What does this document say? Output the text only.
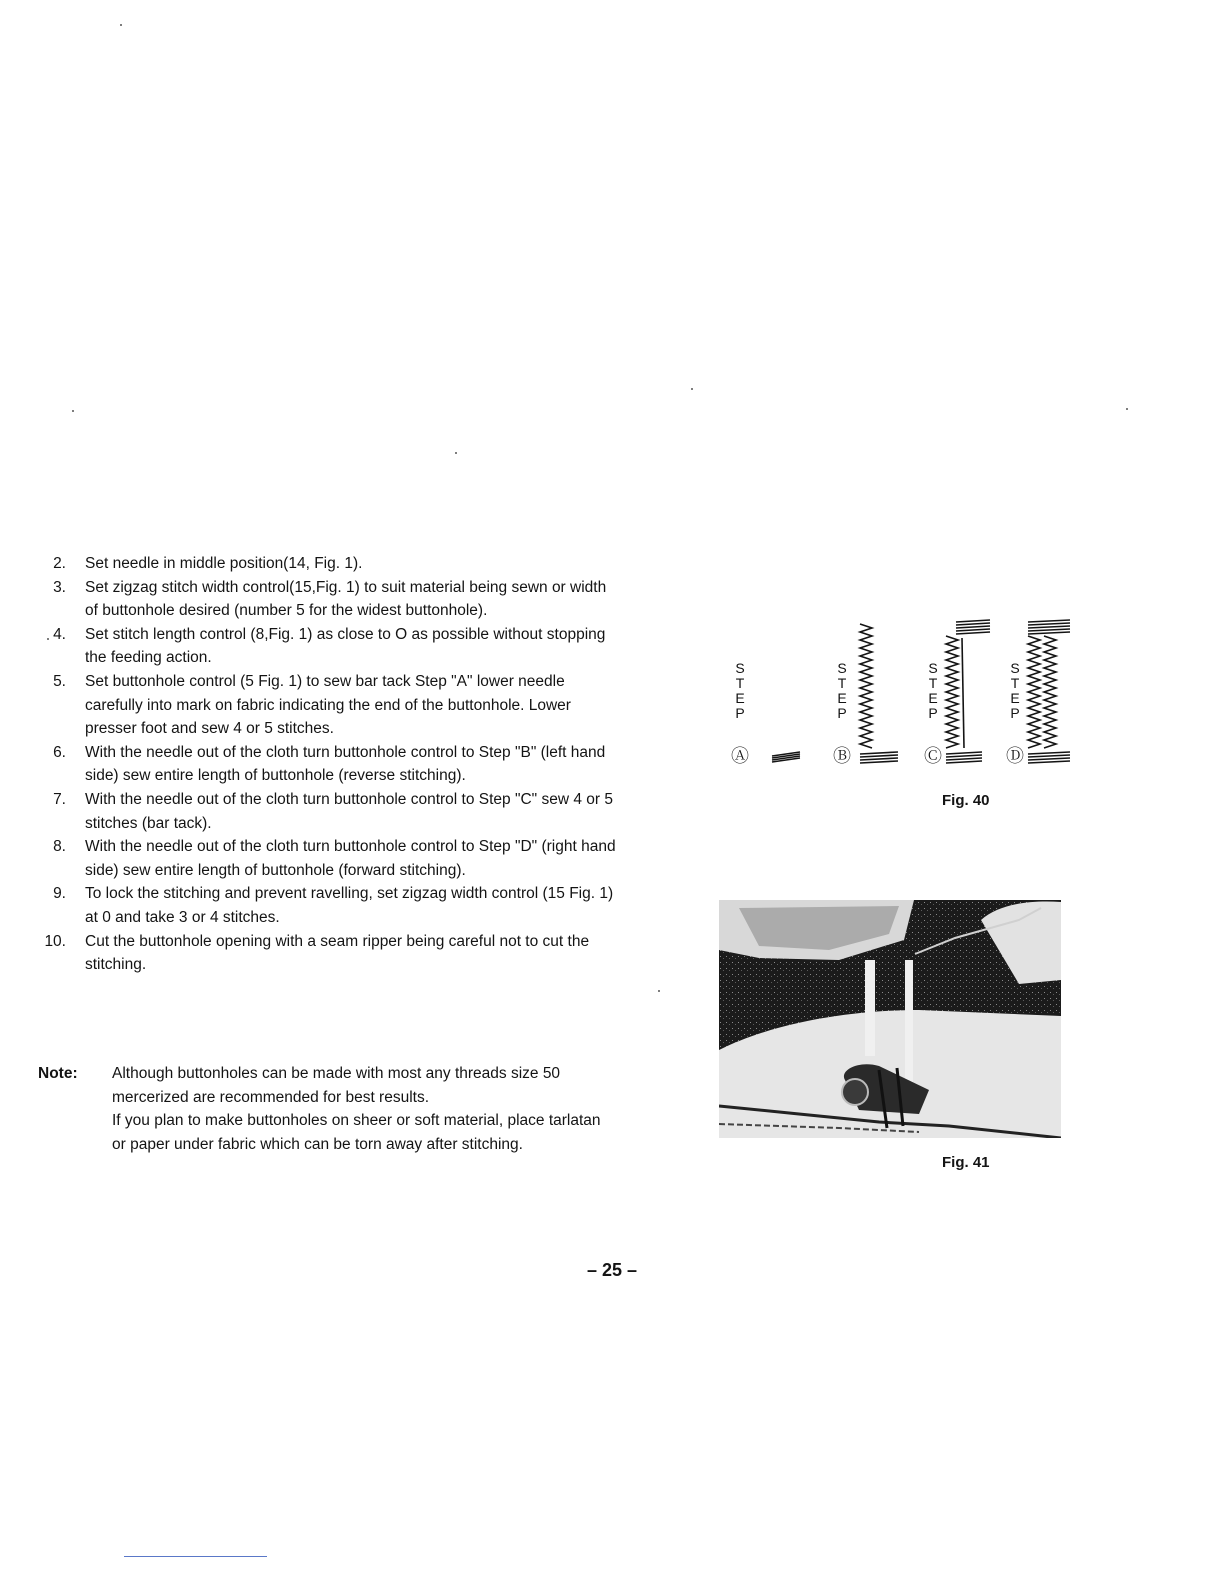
2. Set needle in middle position(14, Fig. 1).
3. Set zigzag stitch width control(15,Fig. 1) to suit material being sewn or width of buttonhole desired (number 5 for the widest buttonhole).
4. Set stitch length control (8,Fig. 1) as close to O as possible without stopping the feeding action.
5. Set buttonhole control (5 Fig. 1) to sew bar tack Step "A" lower needle carefully into mark on fabric indicating the end of the buttonhole. Lower presser foot and sew 4 or 5 stitches.
6. With the needle out of the cloth turn buttonhole control to Step "B" (left hand side) sew entire length of buttonhole (reverse stitching).
7. With the needle out of the cloth turn buttonhole control to Step "C" sew 4 or 5 stitches (bar tack).
8. With the needle out of the cloth turn buttonhole control to Step "D" (right hand side) sew entire length of buttonhole (forward stitching).
9. To lock the stitching and prevent ravelling, set zigzag width control (15 Fig. 1) at 0 and take 3 or 4 stitches.
10. Cut the buttonhole opening with a seam ripper being careful not to cut the stitching.
Note: Although buttonholes can be made with most any threads size 50 mercerized are recommended for best results.

If you plan to make buttonholes on sheer or soft material, place tarlatan or paper under fabric which can be torn away after stitching.

S
T
E
P
Ⓐ
S
T
E
P
Ⓑ
S
T
E
P
Ⓒ
S
T
E
P
Ⓓ
Fig. 40
Fig. 41
– 25 –
